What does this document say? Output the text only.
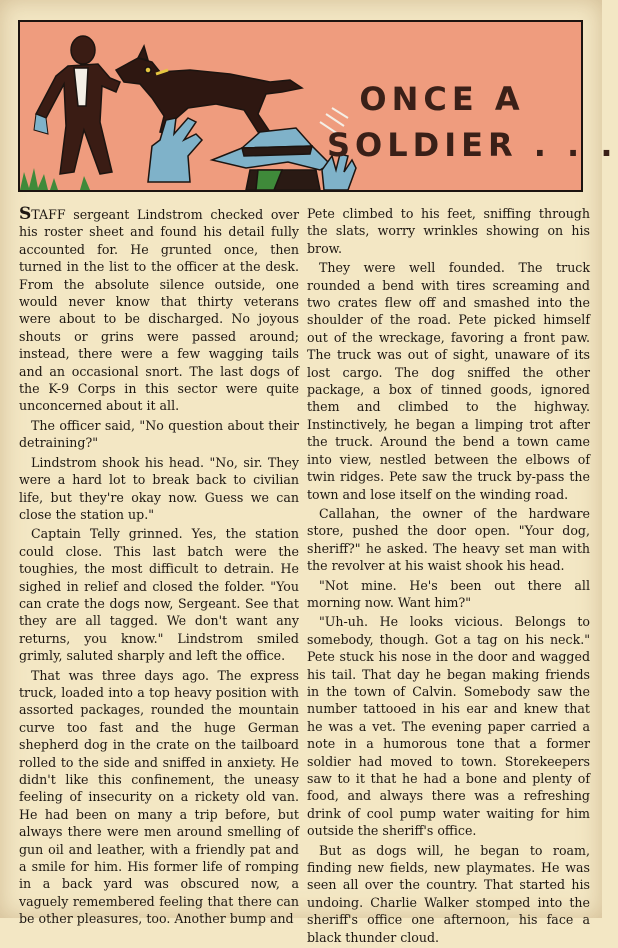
ONCE A
SOLDIER . . .

STAFF sergeant Lindstrom checked over his roster sheet and found his detail fully accounted for. He grunted once, then turned in the list to the officer at the desk. From the absolute silence outside, one would never know that thirty veterans were about to be discharged. No joyous shouts or grins were passed around; instead, there were a few wagging tails and an occasional snort. The last dogs of the K-9 Corps in this sector were quite unconcerned about it all.

The officer said, "No question about their detraining?"

Lindstrom shook his head. "No, sir. They were a hard lot to break back to civilian life, but they're okay now. Guess we can close the station up."

Captain Telly grinned. Yes, the station could close. This last batch were the toughies, the most difficult to detrain. He sighed in relief and closed the folder. "You can crate the dogs now, Sergeant. See that they are all tagged. We don't want any returns, you know." Lindstrom smiled grimly, saluted sharply and left the office.

That was three days ago. The express truck, loaded into a top heavy position with assorted packages, rounded the mountain curve too fast and the huge German shepherd dog in the crate on the tailboard rolled to the side and sniffed in anxiety. He didn't like this confinement, the uneasy feeling of insecurity on a rickety old van. He had been on many a trip before, but always there were men around smelling of gun oil and leather, with a friendly pat and a smile for him. His former life of romping in a back yard was obscured now, a vaguely remembered feeling that there can be other pleasures, too. Another bump and

Pete climbed to his feet, sniffing through the slats, worry wrinkles showing on his brow.

They were well founded. The truck rounded a bend with tires screaming and two crates flew off and smashed into the shoulder of the road. Pete picked himself out of the wreckage, favoring a front paw. The truck was out of sight, unaware of its lost cargo. The dog sniffed the other package, a box of tinned goods, ignored them and climbed to the highway. Instinctively, he began a limping trot after the truck. Around the bend a town came into view, nestled between the elbows of twin ridges. Pete saw the truck by-pass the town and lose itself on the winding road.

Callahan, the owner of the hardware store, pushed the door open. "Your dog, sheriff?" he asked. The heavy set man with the revolver at his waist shook his head.

"Not mine. He's been out there all morning now. Want him?"

"Uh-uh. He looks vicious. Belongs to somebody, though. Got a tag on his neck." Pete stuck his nose in the door and wagged his tail. That day he began making friends in the town of Calvin. Somebody saw the number tattooed in his ear and knew that he was a vet. The evening paper carried a note in a humorous tone that a former soldier had moved to town. Storekeepers saw to it that he had a bone and plenty of food, and always there was a refreshing drink of cool pump water waiting for him outside the sheriff's office.

But as dogs will, he began to roam, finding new fields, new playmates. He was seen all over the country. That started his undoing. Charlie Walker stomped into the sheriff's office one afternoon, his face a black thunder cloud.
